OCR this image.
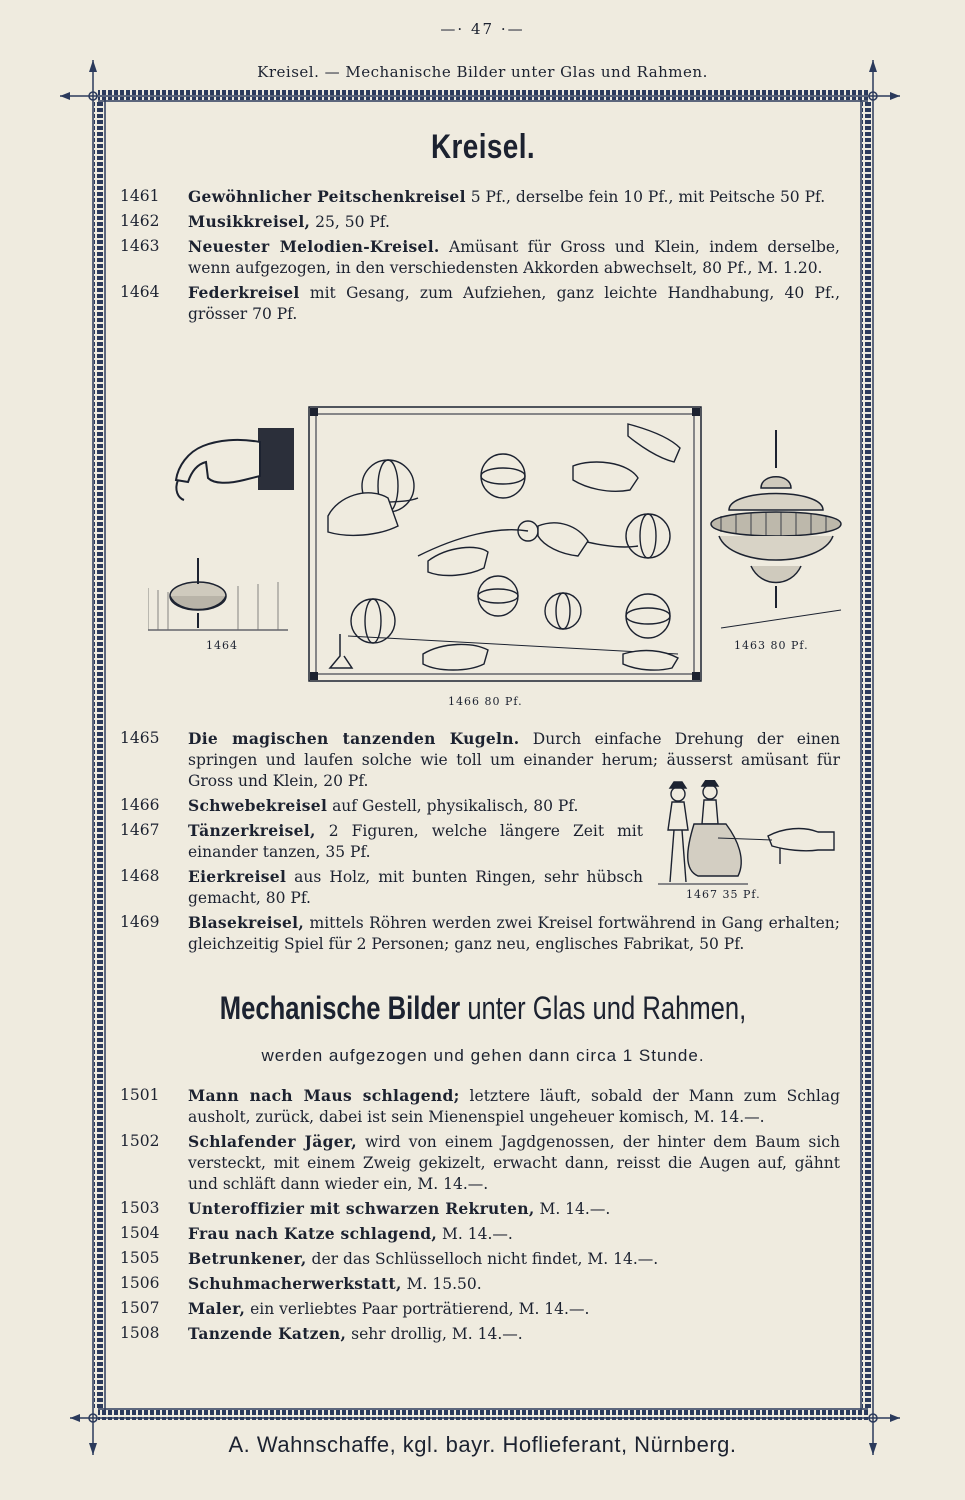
—· 47 ·—
Kreisel. — Mechanische Bilder unter Glas und Rahmen.
Kreisel.
1461 Gewöhnlicher Peitschenkreisel 5 Pf., derselbe fein 10 Pf., mit Peitsche 50 Pf.
1462 Musikkreisel, 25, 50 Pf.
1463 Neuester Melodien-Kreisel. Amüsant für Gross und Klein, indem derselbe, wenn aufgezogen, in den verschiedensten Akkorden abwechselt, 80 Pf., M. 1.20.
1464 Federkreisel mit Gesang, zum Aufziehen, ganz leichte Handhabung, 40 Pf., grösser 70 Pf.
1464
1466 80 Pf.
1463 80 Pf.
1465 Die magischen tanzenden Kugeln. Durch einfache Drehung der einen springen und laufen solche wie toll um einander herum; äusserst amüsant für Gross und Klein, 20 Pf.
1466 Schwebekreisel auf Gestell, physikalisch, 80 Pf.
1467 Tänzerkreisel, 2 Figuren, welche längere Zeit mit einander tanzen, 35 Pf.
1468 Eierkreisel aus Holz, mit bunten Ringen, sehr hübsch gemacht, 80 Pf.
1469 Blasekreisel, mittels Röhren werden zwei Kreisel fortwährend in Gang erhalten; gleichzeitig Spiel für 2 Personen; ganz neu, englisches Fabrikat, 50 Pf.
1467 35 Pf.
Mechanische Bilder unter Glas und Rahmen,
werden aufgezogen und gehen dann circa 1 Stunde.
1501 Mann nach Maus schlagend; letztere läuft, sobald der Mann zum Schlag ausholt, zurück, dabei ist sein Mienenspiel ungeheuer komisch, M. 14.—.
1502 Schlafender Jäger, wird von einem Jagdgenossen, der hinter dem Baum sich versteckt, mit einem Zweig gekizelt, erwacht dann, reisst die Augen auf, gähnt und schläft dann wieder ein, M. 14.—.
1503 Unteroffizier mit schwarzen Rekruten, M. 14.—.
1504 Frau nach Katze schlagend, M. 14.—.
1505 Betrunkener, der das Schlüsselloch nicht findet, M. 14.—.
1506 Schuhmacherwerkstatt, M. 15.50.
1507 Maler, ein verliebtes Paar porträtierend, M. 14.—.
1508 Tanzende Katzen, sehr drollig, M. 14.—.
A. Wahnschaffe, kgl. bayr. Hoflieferant, Nürnberg.
